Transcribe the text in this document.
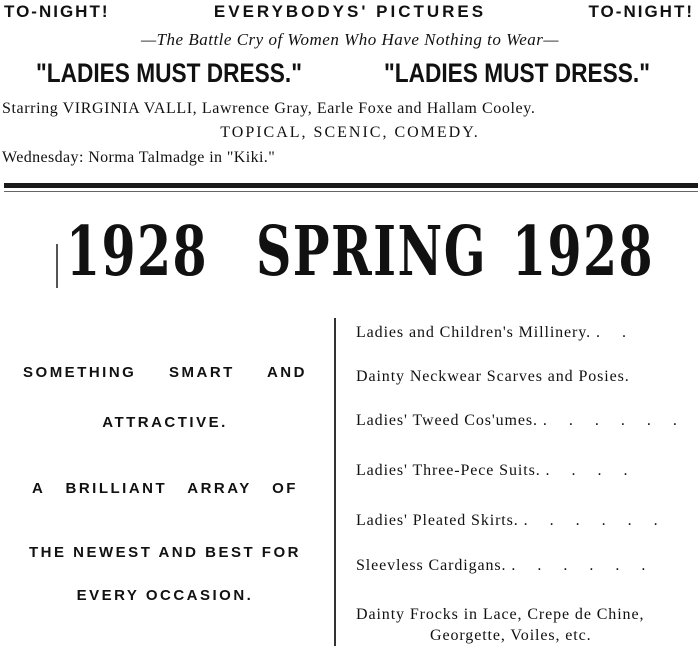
TO-NIGHT!	EVERYBODYS' PICTURES	TO-NIGHT!
—The Battle Cry of Women Who Have Nothing to Wear—
"LADIES MUST DRESS."	"LADIES MUST DRESS."
Starring VIRGINIA VALLI, Lawrence Gray, Earle Foxe and Hallam Cooley.
TOPICAL, SCENIC, COMEDY.
Wednesday: Norma Talmadge in "Kiki."
1928 SPRING 1928
SOMETHING SMART AND
ATTRACTIVE.
A BRILLIANT ARRAY OF
THE NEWEST AND BEST FOR
EVERY OCCASION.
Ladies and Children's Millinery. . .
Dainty Neckwear Scarves and Posies.
Ladies' Tweed Cos'umes. . . . . . .
Ladies' Three-Pece Suits. . . . .
Ladies' Pleated Skirts. . . . . . .
Sleevless Cardigans. . . . . . .
Dainty Frocks in Lace, Crepe de Chine,
Georgette, Voiles, etc.
